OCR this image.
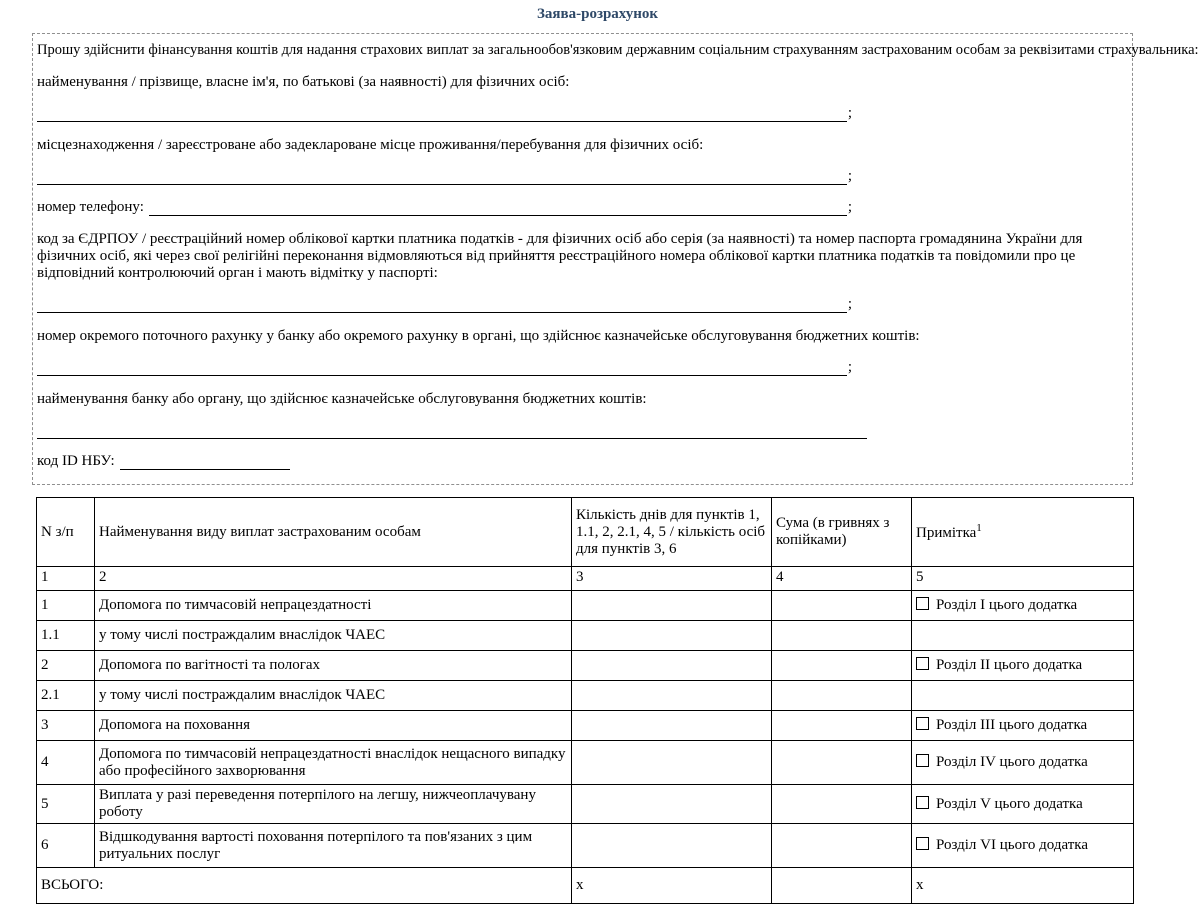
Заява-розрахунок
Прошу здійснити фінансування коштів для надання страхових виплат за загальнообов'язковим державним соціальним страхуванням застрахованим особам за реквізитами страхувальника:
найменування / прізвище, власне ім'я, по батькові (за наявності) для фізичних осіб:
;
місцезнаходження / зареєстроване або задеклароване місце проживання/перебування для фізичних осіб:
;
номер телефону:	;
код за ЄДРПОУ / реєстраційний номер облікової картки платника податків - для фізичних осіб або серія (за наявності) та номер паспорта громадянина України для фізичних осіб, які через свої релігійні переконання відмовляються від прийняття реєстраційного номера облікової картки платника податків та повідомили про це відповідний контролюючий орган і мають відмітку у паспорті:
;
номер окремого поточного рахунку у банку або окремого рахунку в органі, що здійснює казначейське обслуговування бюджетних коштів:
;
найменування банку або органу, що здійснює казначейське обслуговування бюджетних коштів:
код ID НБУ:
N з/п	Найменування виду виплат застрахованим особам	Кількість днів для пунктів 1, 1.1, 2, 2.1, 4, 5 / кількість осіб для пунктів 3, 6	Сума (в гривнях з копійками)	Примітка$^1$
1	2	3	4	5
1	Допомога по тимчасовій непрацездатності			Розділ I цього додатка
1.1	у тому числі постраждалим внаслідок ЧАЕС			
2	Допомога по вагітності та пологах			Розділ II цього додатка
2.1	у тому числі постраждалим внаслідок ЧАЕС			
3	Допомога на поховання			Розділ III цього додатка
4	Допомога по тимчасовій непрацездатності внаслідок нещасного випадку або професійного захворювання			Розділ IV цього додатка
5	Виплата у разі переведення потерпілого на легшу, нижчеоплачувану роботу			Розділ V цього додатка
6	Відшкодування вартості поховання потерпілого та пов'язаних з цим ритуальних послуг			Розділ VI цього додатка
ВСЬОГО:		х		х
